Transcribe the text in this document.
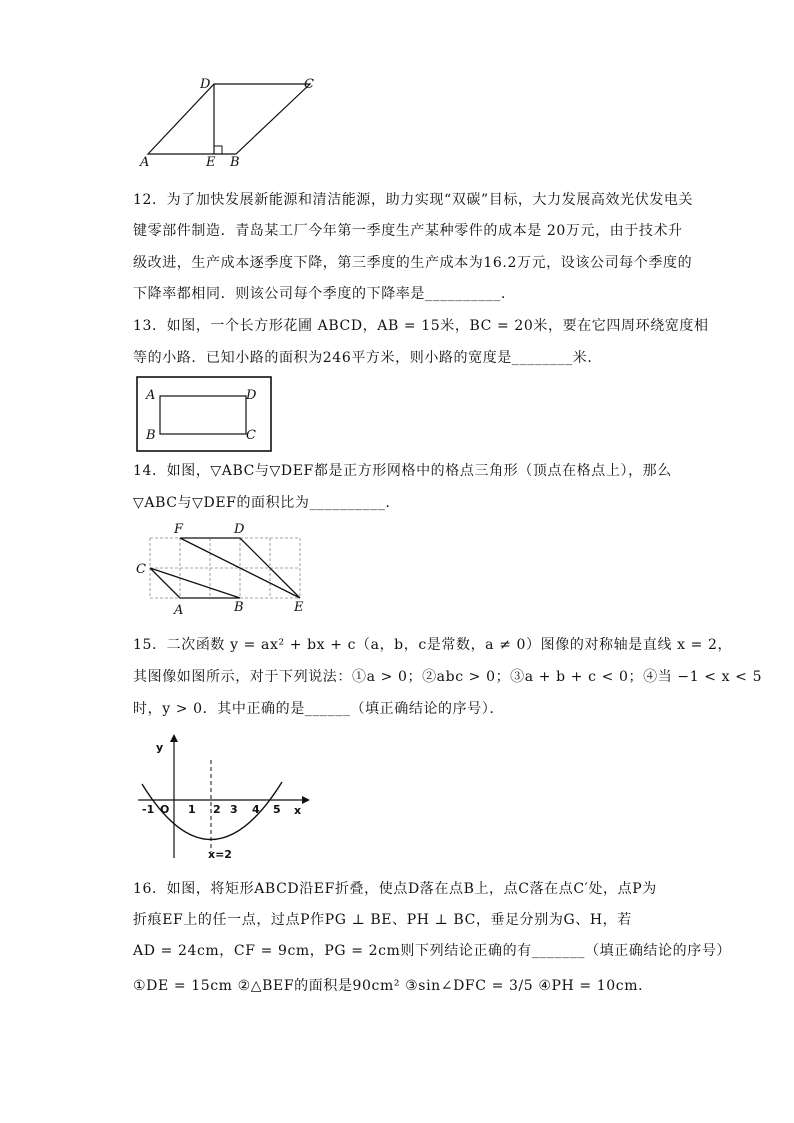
A	B
C
D
E
12．为了加快发展新能源和清洁能源，助力实现“双碳”目标，大力发展高效光伏发电关
键零部件制造．青岛某工厂今年第一季度生产某种零件的成本是 20万元，由于技术升
级改进，生产成本逐季度下降，第三季度的生产成本为16.2万元，设该公司每个季度的
下降率都相同．则该公司每个季度的下降率是__________．
13．如图，一个长方形花圃 ABCD，AB = 15米，BC = 20米，要在它四周环绕宽度相
等的小路．已知小路的面积为246平方米，则小路的宽度是________米．
A
B	C
D
14．如图，▽ABC与▽DEF都是正方形网格中的格点三角形（顶点在格点上），那么
▽ABC与▽DEF的面积比为__________．
C
A	B	E
F	D
15．二次函数 y = ax² + bx + c（a，b，c是常数，a ≠ 0）图像的对称轴是直线 x = 2，
其图像如图所示，对于下列说法：①a > 0；②abc > 0；③a + b + c < 0；④当 −1 < x < 5
时，y > 0．其中正确的是______（填正确结论的序号）．
y
x
O
-1	1 2 3 4 5
x=2
16．如图，将矩形ABCD沿EF折叠，使点D落在点B上，点C落在点C′处，点P为
折痕EF上的任一点，过点P作PG ⊥ BE、PH ⊥ BC，垂足分别为G、H，若
AD = 24cm，CF = 9cm，PG = 2cm则下列结论正确的有_______（填正确结论的序号）
①DE = 15cm ②△BEF的面积是90cm² ③sin∠DFC = 3/5 ④PH = 10cm．
